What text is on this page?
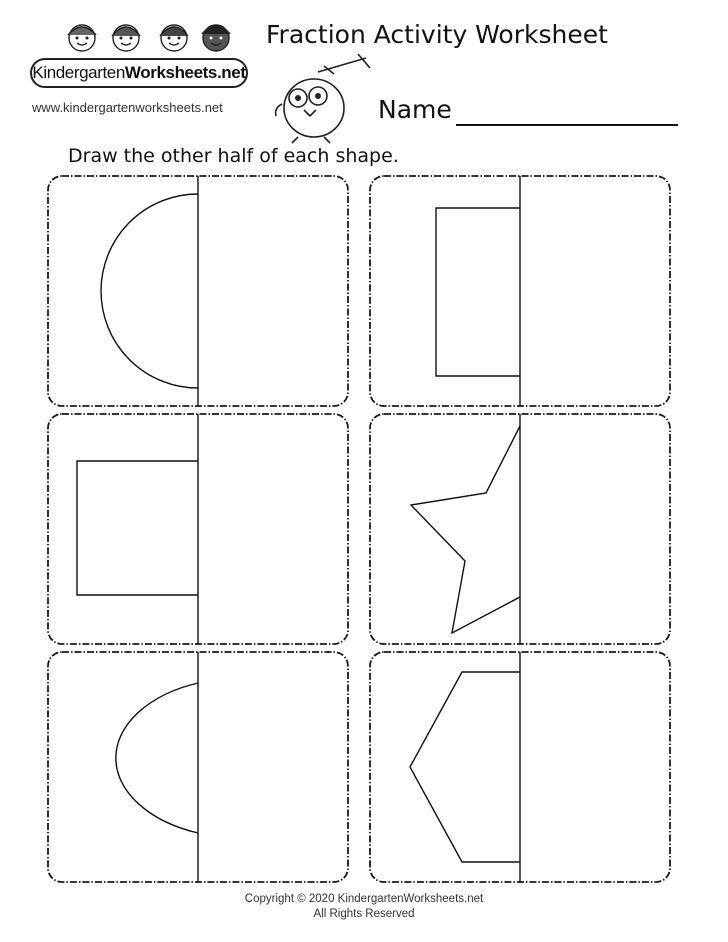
KindergartenWorksheets.net
www.kindergartenworksheets.net
Fraction Activity Worksheet
Name
Draw the other half of each shape.
Copyright © 2020 KindergartenWorksheets.net
All Rights Reserved
